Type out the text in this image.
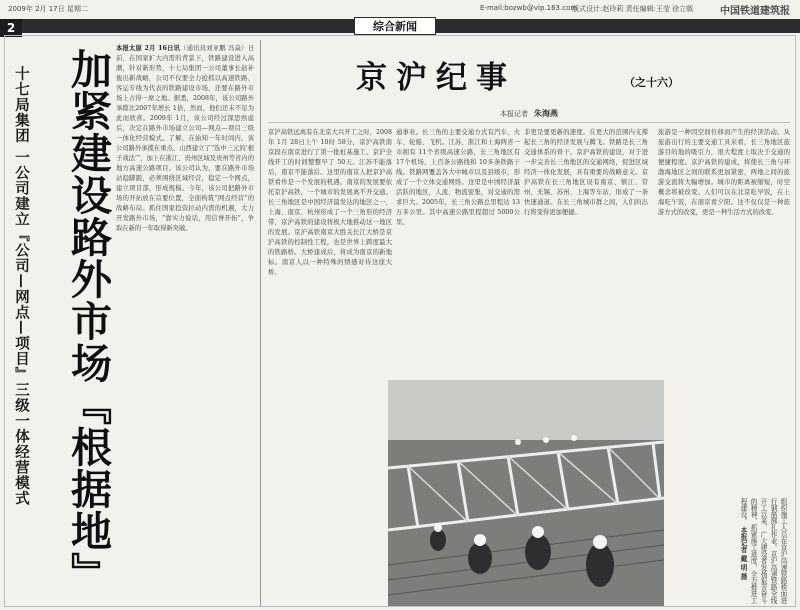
2009年 2月 17日 星期二	E-mail:bozwb@vip.163.com
版式设计:赵玲莉 责任编辑:王莹 徐立戟	中国铁道建筑报
2	综合新闻
十七局集团 一公司建立『公司—网点—项目』三级一体经营模式 加紧建设路外市场『根据地』 本报太原 2月 16日讯（通讯员刘亚鹏 冯焱）日前，在国家扩大内需的背景下，铁路建设进入高潮，针对新形势，十七局集团一公司董事长赵补俊出新战略，公司不仅要全力抢抓以高速铁路、客运专线为代表的铁路建设市场，还要在路外市场上占得一席之地。据悉，2008年，该公司路外承揽比2007年增长 1倍，然而，他们还未不足为此而欣喜。2009年 1月，该公司经过深思熟虑后，决定在路外市场建立公司—网点—项目三级一体化经营模式。了解，在始知一年时间内，该公司路外承揽在重点、山西建立了“选中三元的‘根子战法’”，加上在浙江、贵州区域及贵州等省内的地方高速公路项目。该公司认为，要在路外市场站稳脚跟，必须围绕区域经营，稳定一个网点，建立项目部，形成规模。今年，该公司把路外市场的开拓放在首要位置，全面构筑“网点经营”的战略布局。抓住国家投资拉动内需的机遇，大力开发路外市场，“靠实力说话，用信誉开拓”，争取在新的一年取得新突破。
京沪纪事	（之十六）
本报记者 朱海燕
京沪高铁远离有在北京大兴开工之时，2008年 1月 28日上午 10时 58分，京沪高铁南京段在南京进行了第一批桩基施工。京沪全线开工的时间整整早了 50天。江苏不能落后，南京不能落后。这里的南京人把京沪高铁看作是一个发展的机遇。南京的发展要依托京沪高铁，一个城市的发展离不开交通。长三角地区是中国经济最发达的地区之一，上海、南京、杭州形成了一个三角形的经济带，京沪高铁的建设将极大地推动这一地区的发展。京沪高铁南京大胜关长江大桥是京沪高铁的控制性工程，也是世界上跨度最大的铁路桥。大桥建成后，将成为南京的新地标。南京人以一种特殊的情感对待这座大桥。
通事业。长三角的主要交通方式有汽车、火车、轮船、飞机。江苏、浙江和上海两省一市拥有 11个省级高速公路，长三角地区有 17个机场，上百条公路线和 10多条铁路干线。铁路网覆盖各大中城市以及县级市，形成了一个立体交通网络。这里是中国经济最活跃的地区，人流、物流密集，对交通的需求巨大。2005年，长三角公路总里程达 13万多公里。其中高速公路里程超过 5000公里。
非更是要更新的速度。在更大的范围内支撑起长三角的经济发展与腾飞。铁路是长三角交通体系的骨干。京沪高铁的建设，对于进一步完善长三角地区的交通网络，促进区域经济一体化发展，具有重要的战略意义。京沪高铁在长三角地区设有南京、镇江、常州、无锡、苏州、上海等车站，形成了一条快速通道。在长三角城市群之间，人们的出行将变得更加便捷。
旅游是一种因空间位移而产生的经济活动。从旅游出行的主要交通工具来看，长三角地区旅游目的地的吸引力，很大程度上取决于交通的便捷程度。京沪高铁的建成，将使长三角与环渤海地区之间的联系更加紧密，两地之间的旅游交流将大幅增加。城市的距离被缩短，时空概念将被改变。人们可以在北京吃早饭，在上海吃午饭，在南京看夕阳。这不仅仅是一种旅游方式的改变，更是一种生活方式的改变。
组织施工人员在京沪高速铁路桥面进行钢筋绑扎作业。京沪高速铁路全线开工以来，广大建设者发扬艰苦奋斗的精神，抓紧施工进度，全力推进工程建设。 本报记者 戴 明 摄
